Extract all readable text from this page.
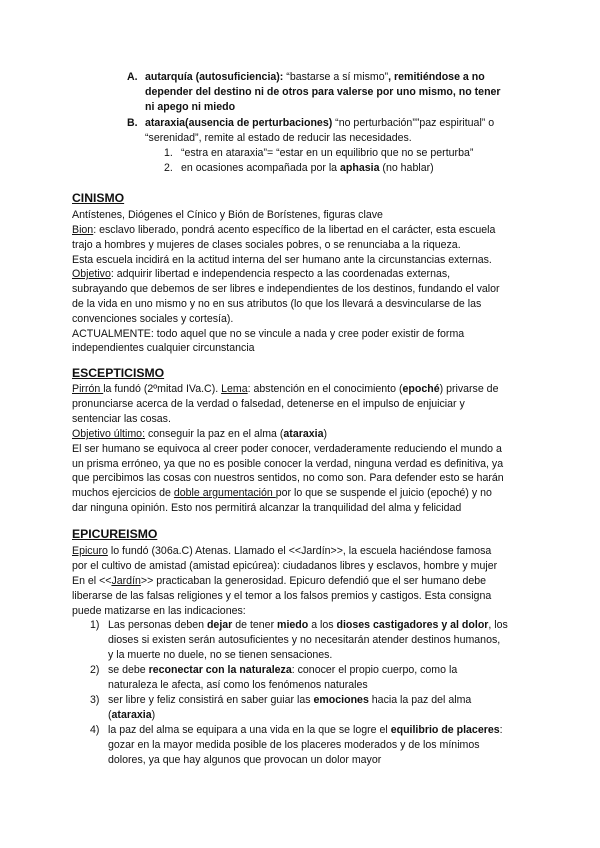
A. autarquía (autosuficiencia): “bastarse a sí mismo”, remitiéndose a no
depender del destino ni de otros para valerse por uno mismo, no tener
ni apego ni miedo
B. ataraxia(ausencia de perturbaciones) “no perturbación””paz espiritual” o
“serenidad”, remite al estado de reducir las necesidades.
1. “estra en ataraxia”= “estar en un equilibrio que no se perturba”
2. en ocasiones acompañada por la aphasia (no hablar)
CINISMO
Antístenes, Diógenes el Cínico y Bión de Borístenes, figuras clave
Bion: esclavo liberado, pondrá acento específico de la libertad en el carácter, esta escuela
trajo a hombres y mujeres de clases sociales pobres, o se renunciaba a la riqueza.
Esta escuela incidirá en la actitud interna del ser humano ante la circunstancias externas.
Objetivo: adquirir libertad e independencia respecto a las coordenadas externas,
subrayando que debemos de ser libres e independientes de los destinos, fundando el valor
de la vida en uno mismo y no en sus atributos (lo que los llevará a desvincularse de las
convenciones sociales y cortesía).
ACTUALMENTE: todo aquel que no se vincule a nada y cree poder existir de forma
independientes cualquier circunstancia
ESCEPTICISMO
Pirrón la fundó (2ºmitad IVa.C). Lema: abstención en el conocimiento (epoché) privarse de
pronunciarse acerca de la verdad o falsedad, detenerse en el impulso de enjuiciar y
sentenciar las cosas.
Objetivo último: conseguir la paz en el alma (ataraxia)
El ser humano se equivoca al creer poder conocer, verdaderamente reduciendo el mundo a
un prisma erróneo, ya que no es posible conocer la verdad, ninguna verdad es definitiva, ya
que percibimos las cosas con nuestros sentidos, no como son. Para defender esto se harán
muchos ejercicios de doble argumentación por lo que se suspende el juicio (epoché) y no
dar ninguna opinión. Esto nos permitirá alcanzar la tranquilidad del alma y felicidad
EPICUREISMO
Epicuro lo fundó (306a.C) Atenas. Llamado el <<Jardín>>, la escuela haciéndose famosa
por el cultivo de amistad (amistad epicúrea): ciudadanos libres y esclavos, hombre y mujer
En el <<Jardín>> practicaban la generosidad. Epicuro defendió que el ser humano debe
liberarse de las falsas religiones y el temor a los falsos premios y castigos. Esta consigna
puede matizarse en las indicaciones:
1) Las personas deben dejar de tener miedo a los dioses castigadores y al dolor, los
dioses si existen serán autosuficientes y no necesitarán atender destinos humanos,
y la muerte no duele, no se tienen sensaciones.
2) se debe reconectar con la naturaleza: conocer el propio cuerpo, como la
naturaleza le afecta, así como los fenómenos naturales
3) ser libre y feliz consistirá en saber guiar las emociones hacia la paz del alma
(ataraxia)
4) la paz del alma se equipara a una vida en la que se logre el equilibrio de placeres:
gozar en la mayor medida posible de los placeres moderados y de los mínimos
dolores, ya que hay algunos que provocan un dolor mayor
